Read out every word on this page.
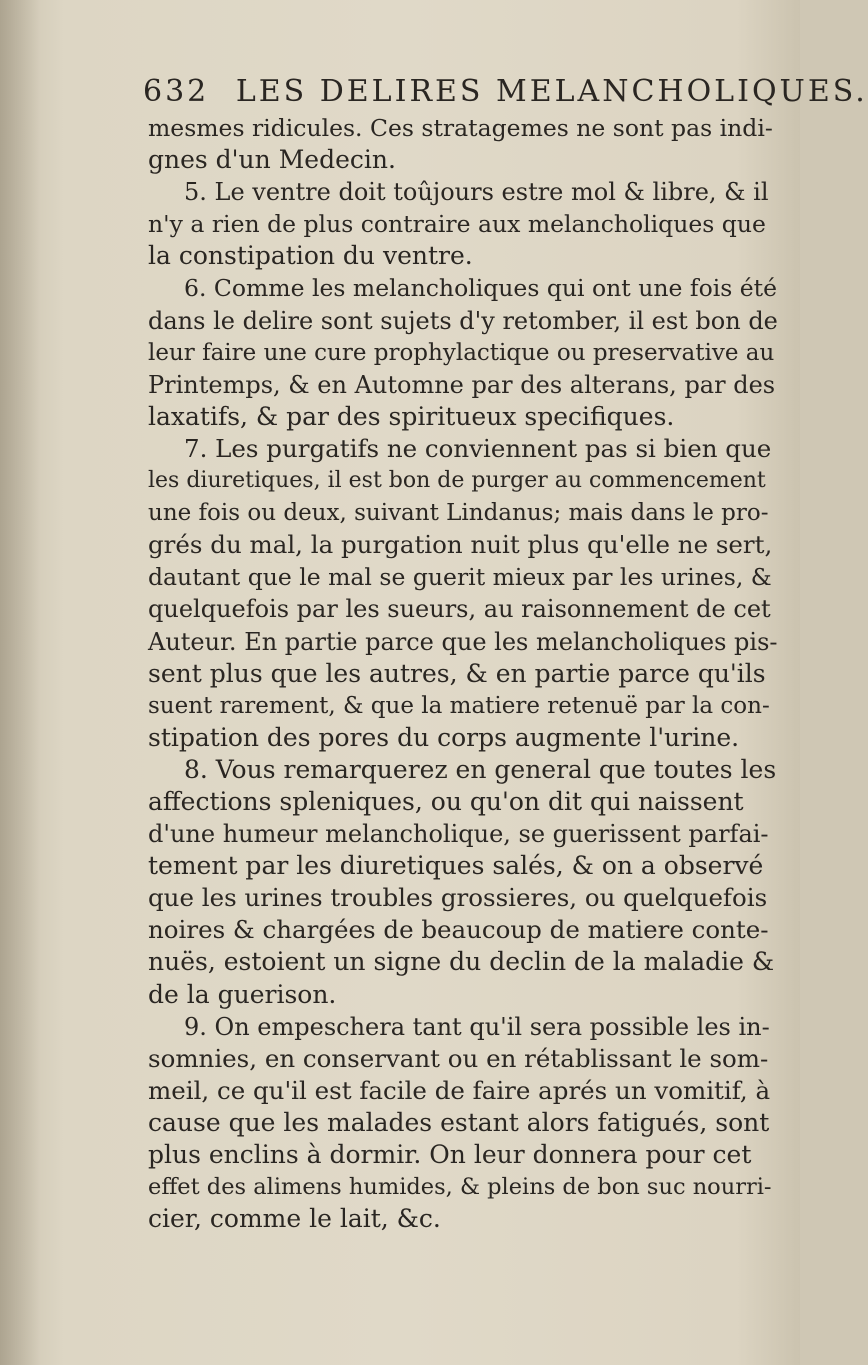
632 LES DELIRES MELANCHOLIQUES.
mesmes ridicules. Ces stratagemes ne sont pas indi-
gnes d'un Medecin.
5. Le ventre doit toûjours estre mol & libre, & il
n'y a rien de plus contraire aux melancholiques que
la constipation du ventre.
6. Comme les melancholiques qui ont une fois été
dans le delire sont sujets d'y retomber, il est bon de
leur faire une cure prophylactique ou preservative au
Printemps, & en Automne par des alterans, par des
laxatifs, & par des spiritueux specifiques.
7. Les purgatifs ne conviennent pas si bien que
les diuretiques, il est bon de purger au commencement
une fois ou deux, suivant Lindanus; mais dans le pro-
grés du mal, la purgation nuit plus qu'elle ne sert,
dautant que le mal se guerit mieux par les urines, &
quelquefois par les sueurs, au raisonnement de cet
Auteur. En partie parce que les melancholiques pis-
sent plus que les autres, & en partie parce qu'ils
suent rarement, & que la matiere retenuë par la con-
stipation des pores du corps augmente l'urine.
8. Vous remarquerez en general que toutes les
affections spleniques, ou qu'on dit qui naissent
d'une humeur melancholique, se guerissent parfai-
tement par les diuretiques salés, & on a observé
que les urines troubles grossieres, ou quelquefois
noires & chargées de beaucoup de matiere conte-
nuës, estoient un signe du declin de la maladie &
de la guerison.
9. On empeschera tant qu'il sera possible les in-
somnies, en conservant ou en rétablissant le som-
meil, ce qu'il est facile de faire aprés un vomitif, à
cause que les malades estant alors fatigués, sont
plus enclins à dormir. On leur donnera pour cet
effet des alimens humides, & pleins de bon suc nourri-
cier, comme le lait, &c.
